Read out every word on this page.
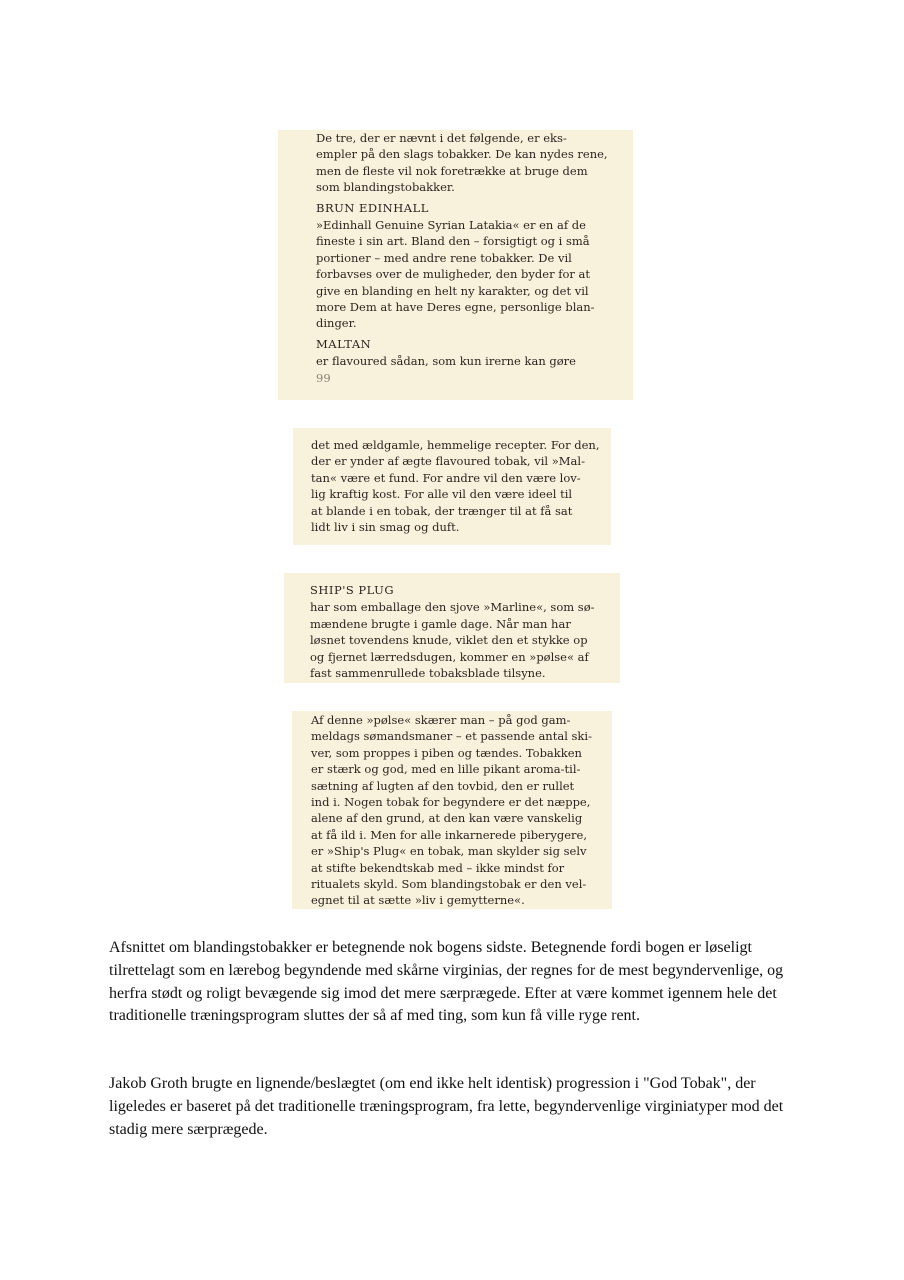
De tre, der er nævnt i det følgende, er eks-
empler på den slags tobakker. De kan nydes rene,
men de fleste vil nok foretrække at bruge dem
som blandingstobakker.
BRUN EDINHALL
»Edinhall Genuine Syrian Latakia« er en af de
fineste i sin art. Bland den – forsigtigt og i små
portioner – med andre rene tobakker. De vil
forbavses over de muligheder, den byder for at
give en blanding en helt ny karakter, og det vil
more Dem at have Deres egne, personlige blan-
dinger.
MALTAN
er flavoured sådan, som kun irerne kan gøre
99
det med ældgamle, hemmelige recepter. For den,
der er ynder af ægte flavoured tobak, vil »Mal-
tan« være et fund. For andre vil den være lov-
lig kraftig kost. For alle vil den være ideel til
at blande i en tobak, der trænger til at få sat
lidt liv i sin smag og duft.
SHIP'S PLUG
har som emballage den sjove »Marline«, som sø-
mændene brugte i gamle dage. Når man har
løsnet tovendens knude, viklet den et stykke op
og fjernet lærredsdugen, kommer en »pølse« af
fast sammenrullede tobaksblade tilsyne.
Af denne »pølse« skærer man – på god gam-
meldags sømandsmaner – et passende antal ski-
ver, som proppes i piben og tændes. Tobakken
er stærk og god, med en lille pikant aroma-til-
sætning af lugten af den tovbid, den er rullet
ind i. Nogen tobak for begyndere er det næppe,
alene af den grund, at den kan være vanskelig
at få ild i. Men for alle inkarnerede piberygere,
er »Ship's Plug« en tobak, man skylder sig selv
at stifte bekendtskab med – ikke mindst for
ritualets skyld. Som blandingstobak er den vel-
egnet til at sætte »liv i gemytterne«.

Afsnittet om blandingstobakker er betegnende nok bogens sidste. Betegnende fordi bogen er løseligt tilrettelagt som en lærebog begyndende med skårne virginias, der regnes for de mest begyndervenlige, og herfra stødt og roligt bevægende sig imod det mere særprægede. Efter at være kommet igennem hele det traditionelle træningsprogram sluttes der så af med ting, som kun få ville ryge rent.

Jakob Groth brugte en lignende/beslægtet (om end ikke helt identisk) progression i "God Tobak", der ligeledes er baseret på det traditionelle træningsprogram, fra lette, begyndervenlige virginiatyper mod det stadig mere særprægede.
